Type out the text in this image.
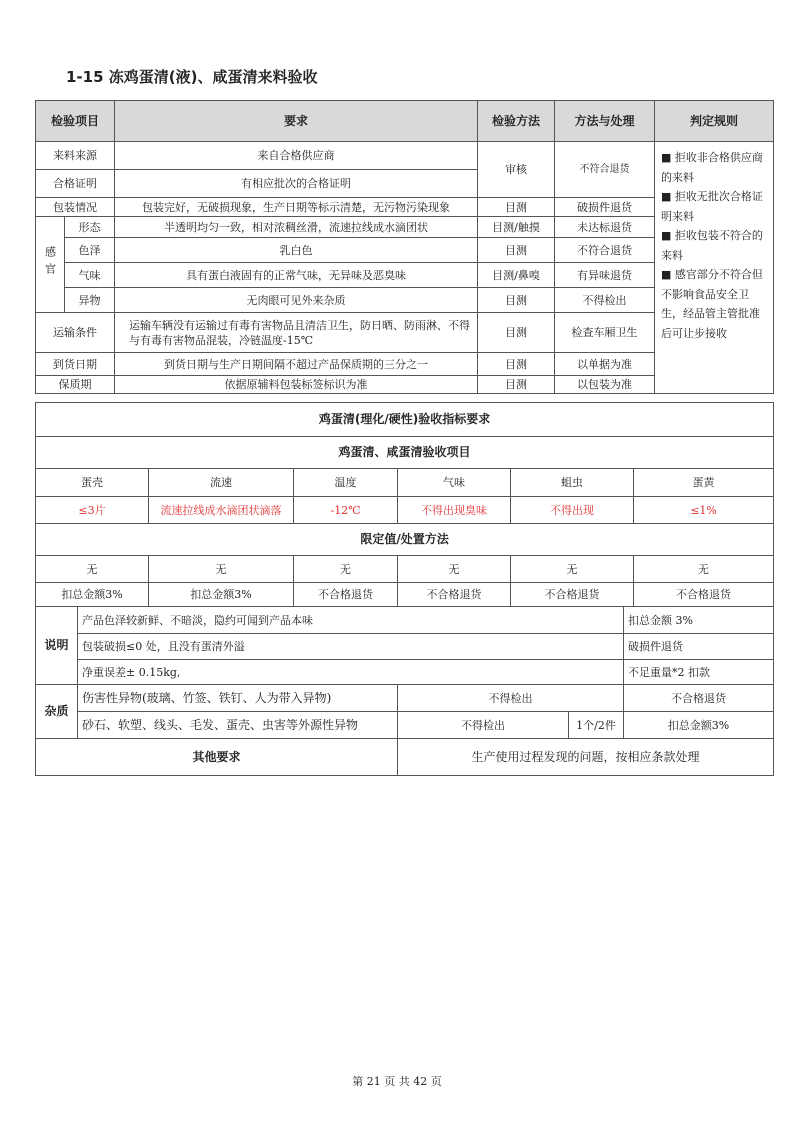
1-15 冻鸡蛋清(液)、咸蛋清来料验收
检验项目		要求	检验方法	方法与处理	判定规则
来料来源		来自合格供应商	审核	不符合退货	■ 拒收非合格供应商的来料
■ 拒收无批次合格证明来料
■ 拒收包装不符合的来料
■ 感官部分不符合但不影响食品安全卫生，经品管主管批准后可让步接收

合格证明		有相应批次的合格证明			
包装情况		包装完好，无破损现象，生产日期等标示清楚，无污物污染现象	目测	破损件退货	
感官	形态	半透明均匀一致，相对浓稠丝滑，流速拉线成水滴团状	目测/触摸	未达标退货	
	色泽	乳白色	目测	不符合退货	
	气味	具有蛋白液固有的正常气味，无异味及恶臭味	目测/鼻嗅	有异味退货	
	异物	无肉眼可见外来杂质	目测	不得检出	
运输条件		运输车辆没有运输过有毒有害物品且清洁卫生，防日晒、防雨淋、不得与有毒有害物品混装，冷链温度-15℃	目测	检查车厢卫生	
到货日期		到货日期与生产日期间隔不超过产品保质期的三分之一	目测	以单据为准	
保质期		依据原辅料包装标签标识为准	目测	以包装为准	
鸡蛋清(理化/硬性)验收指标要求					
鸡蛋清、咸蛋清验收项目					
蛋壳	流速	温度	气味	蛆虫	蛋黄
≤3片	流速拉线成水滴团状滴落	-12℃	不得出现臭味	不得出现	≤1%
限定值/处置方法					
无	无	无	无	无	无
扣总金额3%	扣总金额3%	不合格退货	不合格退货	不合格退货	不合格退货
说明	产品色泽较新鲜、不暗淡，隐约可闻到产品本味			扣总金额 3%
	包装破损≤0 处，且没有蛋清外溢			破损件退货
	净重误差± 0.15kg,			不足重量*2 扣款
杂质	伤害性异物(玻璃、竹签、铁钉、人为带入异物)	不得检出		不合格退货
	砂石、软塑、线头、毛发、蛋壳、虫害等外源性异物	不得检出	1个/2件	扣总金额3%
其他要求		生产使用过程发现的问题，按相应条款处理		
第 21 页 共 42 页
